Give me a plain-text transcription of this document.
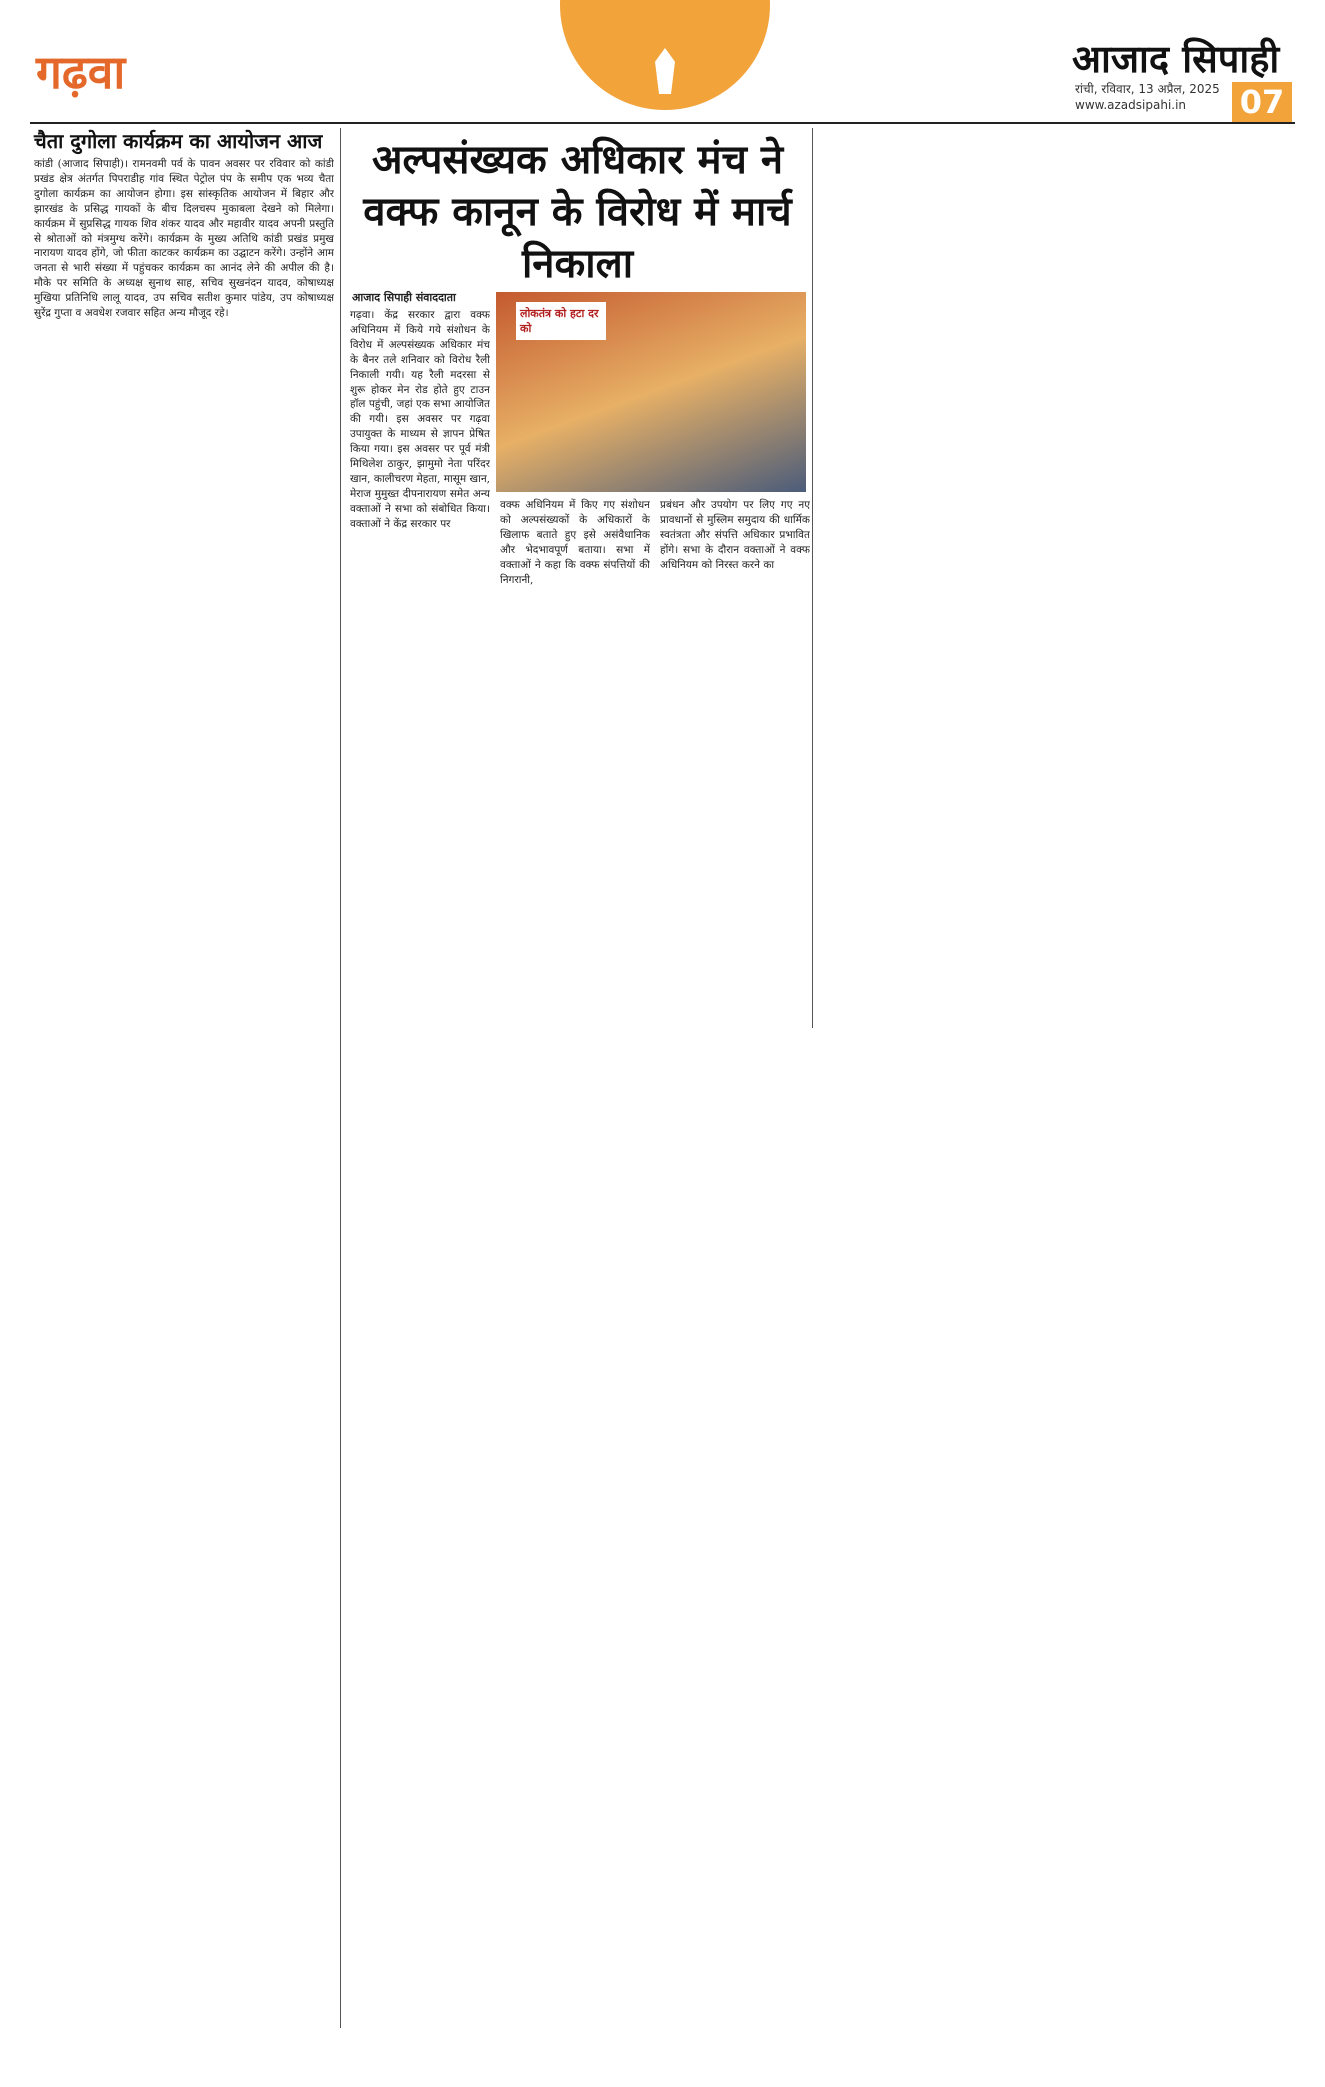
गढ़वा	आजाद सिपाही
रांची, रविवार, 13 अप्रैल, 2025
www.azadsipahi.in 07
चैता दुगोला कार्यक्रम का आयोजन आज
कांडी (आजाद सिपाही)। रामनवमी पर्व के पावन अवसर पर रविवार को कांडी प्रखंड क्षेत्र अंतर्गत पिपराडीह गांव स्थित पेट्रोल पंप के समीप एक भव्य चैता दुगोला कार्यक्रम का आयोजन होगा। इस सांस्कृतिक आयोजन में बिहार और झारखंड के प्रसिद्ध गायकों के बीच दिलचस्प मुकाबला देखने को मिलेगा। कार्यक्रम में सुप्रसिद्ध गायक शिव शंकर यादव और महावीर यादव अपनी प्रस्तुति से श्रोताओं को मंत्रमुग्ध करेंगे। कार्यक्रम के मुख्य अतिथि कांडी प्रखंड प्रमुख नारायण यादव होंगे, जो फीता काटकर कार्यक्रम का उद्घाटन करेंगे। उन्होंने आम जनता से भारी संख्या में पहुंचकर कार्यक्रम का आनंद लेने की अपील की है। मौके पर समिति के अध्यक्ष सुनाथ साह, सचिव सुखनंदन यादव, कोषाध्यक्ष मुखिया प्रतिनिधि लालू यादव, उप सचिव सतीश कुमार पांडेय, उप कोषाध्यक्ष सुरेंद्र गुप्ता व अवधेश रजवार सहित अन्य मौजूद रहे।
अल्पसंख्यक अधिकार मंच ने वक्फ कानून के विरोध में मार्च निकाला
आजाद सिपाही संवाददाता
गढ़वा। केंद्र सरकार द्वारा वक्फ अधिनियम में किये गये संशोधन के विरोध में अल्पसंख्यक अधिकार मंच के बैनर तले शनिवार को विरोध रैली निकाली गयी। यह रैली मदरसा से शुरू होकर मेन रोड होते हुए टाउन हॉल पहुंची, जहां एक सभा आयोजित की गयी। इस अवसर पर गढ़वा उपायुक्त के माध्यम से ज्ञापन प्रेषित किया गया। इस अवसर पर पूर्व मंत्री मिथिलेश ठाकुर, झामुमो नेता परिंदर खान, कालीचरण मेहता, मासूम खान, मेराज मुमुख्त दीपनारायण समेत अन्य वक्ताओं ने सभा को संबोधित किया। वक्ताओं ने केंद्र सरकार पर
लोकतंत्र को हटा दर को
वक्फ अधिनियम में किए गए संशोधन को अल्पसंख्यकों के अधिकारों के खिलाफ बताते हुए इसे असंवैधानिक और भेदभावपूर्ण बताया। सभा में वक्ताओं ने कहा कि वक्फ संपत्तियों की निगरानी,
प्रबंधन और उपयोग पर लिए गए नए प्रावधानों से मुस्लिम समुदाय की धार्मिक स्वतंत्रता और संपत्ति अधिकार प्रभावित होंगे। सभा के दौरान वक्ताओं ने वक्फ अधिनियम को निरस्त करने का
